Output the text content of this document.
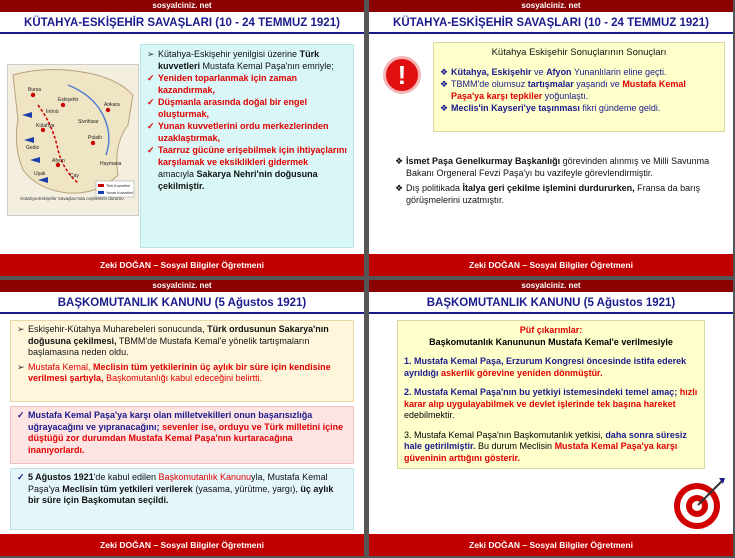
sosyalciniz. net
KÜTAHYA-ESKİŞEHİR SAVAŞLARI (10 - 24 TEMMUZ 1921)
Bursa
Eskişehir
Kütahya
Ankara
Afyon
Polatlı
Haymana
Sivrihisar
İnönü
Gediz
Uşak	Çay
Türk Kuvvetleri
Yunan Kuvvetleri
Kütahya-Eskişehir Savaşları'nda cephelerin durumu
➢ Kütahya-Eskişehir yenilgisi üzerine Türk kuvvetleri Mustafa Kemal Paşa'nın emriyle;
✓ Yeniden toparlanmak için zaman kazandırmak,
✓ Düşmanla arasında doğal bir engel oluşturmak,
✓ Yunan kuvvetlerini ordu merkezlerinden uzaklaştırmak,
✓ Taarruz gücüne erişebilmek için ihtiyaçlarını karşılamak ve eksiklikleri gidermek
amacıyla Sakarya Nehri'nin doğusuna çekilmiştir.
Zeki DOĞAN – Sosyal Bilgiler Öğretmeni
sosyalciniz. net
KÜTAHYA-ESKİŞEHİR SAVAŞLARI (10 - 24 TEMMUZ 1921)
!
Kütahya Eskişehir Sonuçlarının Sonuçları
❖ Kütahya, Eskişehir ve Afyon Yunanlılarin eline geçti.
❖ TBMM'de olumsuz tartışmalar yaşandı ve Mustafa Kemal Paşa'ya karşı tepkiler yoğunlaştı.
❖ Meclis'in Kayseri'ye taşınması fikri gündeme geldi.
❖ İsmet Paşa Genelkurmay Başkanlığı görevinden alınmış ve Milli Savunma Bakanı Orgeneral Fevzi Paşa'yı bu vazifeyle görevlendirmiştir.
❖ Dış politikada İtalya geri çekilme işlemini durdururken, Fransa da barış görüşmelerini uzatmıştır.
Zeki DOĞAN – Sosyal Bilgiler Öğretmeni
sosyalciniz. net
BAŞKOMUTANLIK KANUNU (5 Ağustos 1921)
➢ Eskişehir-Kütahya Muharebeleri sonucunda, Türk ordusunun Sakarya'nın doğusuna çekilmesi, TBMM'de Mustafa Kemal'e yönelik tartışmaların başlamasına neden oldu.
➢ Mustafa Kemal, Meclisin tüm yetkilerinin üç aylık bir süre için kendisine verilmesi şartıyla, Başkomutanlığı kabul edeceğini belirtti.
✓ Mustafa Kemal Paşa'ya karşı olan milletvekilleri onun başarısızlığa uğrayacağını ve yıpranacağını; sevenler ise, orduyu ve Türk milletini içine düştüğü zor durumdan Mustafa Kemal Paşa'nın kurtaracağına inanıyorlardı.
✓ 5 Ağustos 1921'de kabul edilen Başkomutanlık Kanunuyla, Mustafa Kemal Paşa'ya Meclisin tüm yetkileri verilerek (yasama, yürütme, yargı), üç aylık bir süre için Başkomutan seçildi.
Zeki DOĞAN – Sosyal Bilgiler Öğretmeni
sosyalciniz. net
BAŞKOMUTANLIK KANUNU (5 Ağustos 1921)
Püf çıkarımlar:
Başkomutanlık Kanununun Mustafa Kemal'e verilmesiyle
1. Mustafa Kemal Paşa, Erzurum Kongresi öncesinde istifa ederek ayrıldığı askerlik görevine yeniden dönmüştür.
2. Mustafa Kemal Paşa'nın bu yetkiyi istemesindeki temel amaç; hızlı karar alıp uygulayabilmek ve devlet işlerinde tek başına hareket edebilmektir.
3. Mustafa Kemal Paşa'nın Başkomutanlık yetkisi, daha sonra süresiz hale getirilmiştir. Bu durum Meclisin Mustafa Kemal Paşa'ya karşı güveninin arttığını gösterir.
Zeki DOĞAN – Sosyal Bilgiler Öğretmeni
